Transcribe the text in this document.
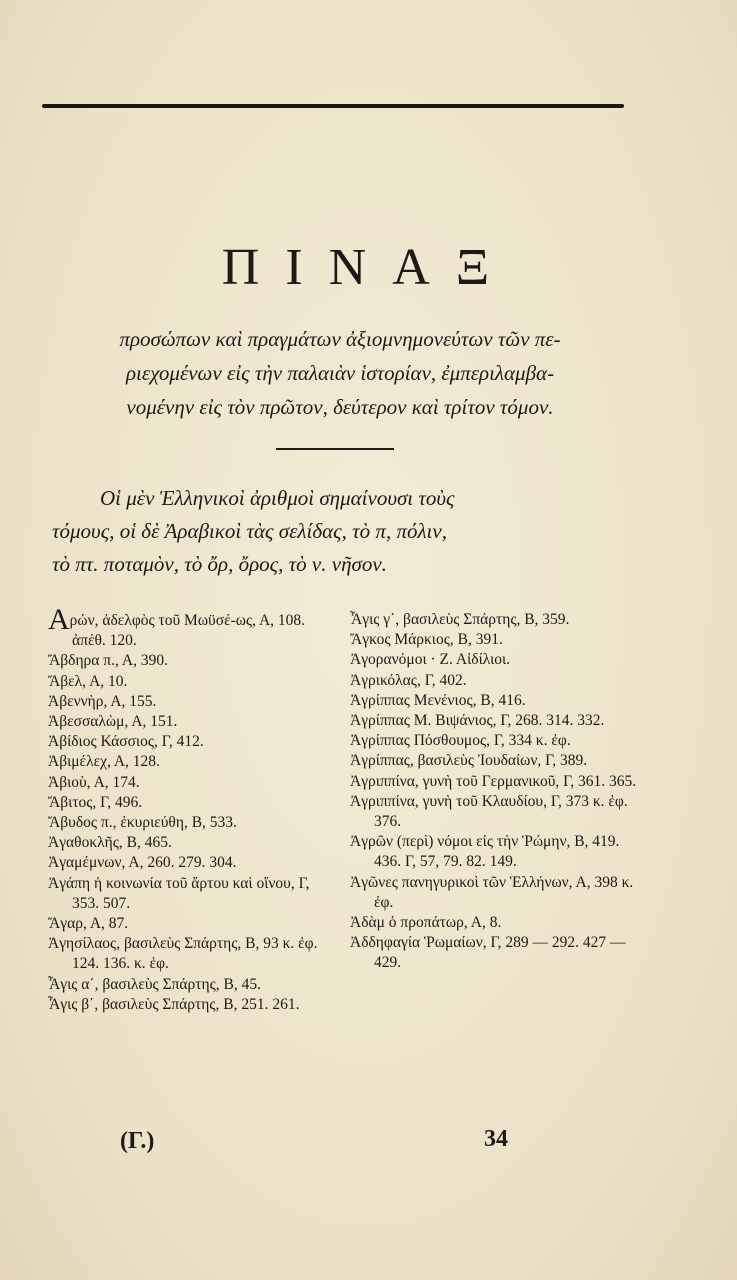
ΠΙΝΑΞ
προσώπων καὶ πραγμάτων ἀξιομνημονεύτων τῶν πε-
ριεχομένων εἰς τὴν παλαιὰν ἱστορίαν, ἐμπεριλαμβα-
νομένην εἰς τὸν πρῶτον, δεύτερον καὶ τρίτον τόμον.
Οἱ μὲν Ἑλληνικοὶ ἀριθμοὶ σημαίνουσι τοὺς
τόμους, οἱ δὲ Ἀραβικοὶ τὰς σελίδας, τὸ π, πόλιν,
τὸ πτ. ποταμὸν, τὸ ὄρ, ὄρος, τὸ ν. νῆσον.

Αρών, ἀδελφὸς τοῦ Μωϋσέ-ως, Α, 108. ἀπέθ. 120.

Ἄβδηρα π., Α, 390.

Ἄβελ, Α, 10.

Ἀβεννὴρ, Α, 155.

Ἀβεσσαλὼμ, Α, 151.

Ἀβίδιος Κάσσιος, Γ, 412.

Ἀβιμέλεχ, Α, 128.

Ἀβιοὺ, Α, 174.

Ἄβιτος, Γ, 496.

Ἄβυδος π., ἐκυριεύθη, Β, 533.

Ἀγαθοκλῆς, Β, 465.

Ἀγαμέμνων, Α, 260. 279. 304.

Ἀγάπη ἡ κοινωνία τοῦ ἄρτου καὶ οἴνου, Γ, 353. 507.

Ἄγαρ, Α, 87.

Ἀγησίλαος, βασιλεὺς Σπάρτης, Β, 93 κ. ἐφ. 124. 136. κ. ἐφ.

Ἆγις α΄, βασιλεὺς Σπάρτης, Β, 45.

Ἆγις β΄, βασιλεὺς Σπάρτης, Β, 251. 261.

Ἆγις γ΄, βασιλεὺς Σπάρτης, Β, 359.

Ἄγκος Μάρκιος, Β, 391.

Ἀγορανόμοι · Ζ. Αἰδίλιοι.

Ἀγρικόλας, Γ, 402.

Ἀγρίππας Μενένιος, Β, 416.

Ἀγρίππας Μ. Βιψάνιος, Γ, 268. 314. 332.

Ἀγρίππας Πόσθουμος, Γ, 334 κ. ἐφ.

Ἀγρίππας, βασιλεὺς Ἰουδαίων, Γ, 389.

Ἀγριππίνα, γυνὴ τοῦ Γερμανικοῦ, Γ, 361. 365.

Ἀγριππίνα, γυνὴ τοῦ Κλαυδίου, Γ, 373 κ. ἐφ. 376.

Ἀγρῶν (περὶ) νόμοι εἰς τὴν Ῥώμην, Β, 419. 436. Γ, 57, 79. 82. 149.

Ἀγῶνες πανηγυρικοὶ τῶν Ἑλλήνων, Α, 398 κ. ἐφ.

Ἀδὰμ ὁ προπάτωρ, Α, 8.

Ἀδδηφαγία Ῥωμαίων, Γ, 289 — 292. 427 — 429.

(Γ.)	34
